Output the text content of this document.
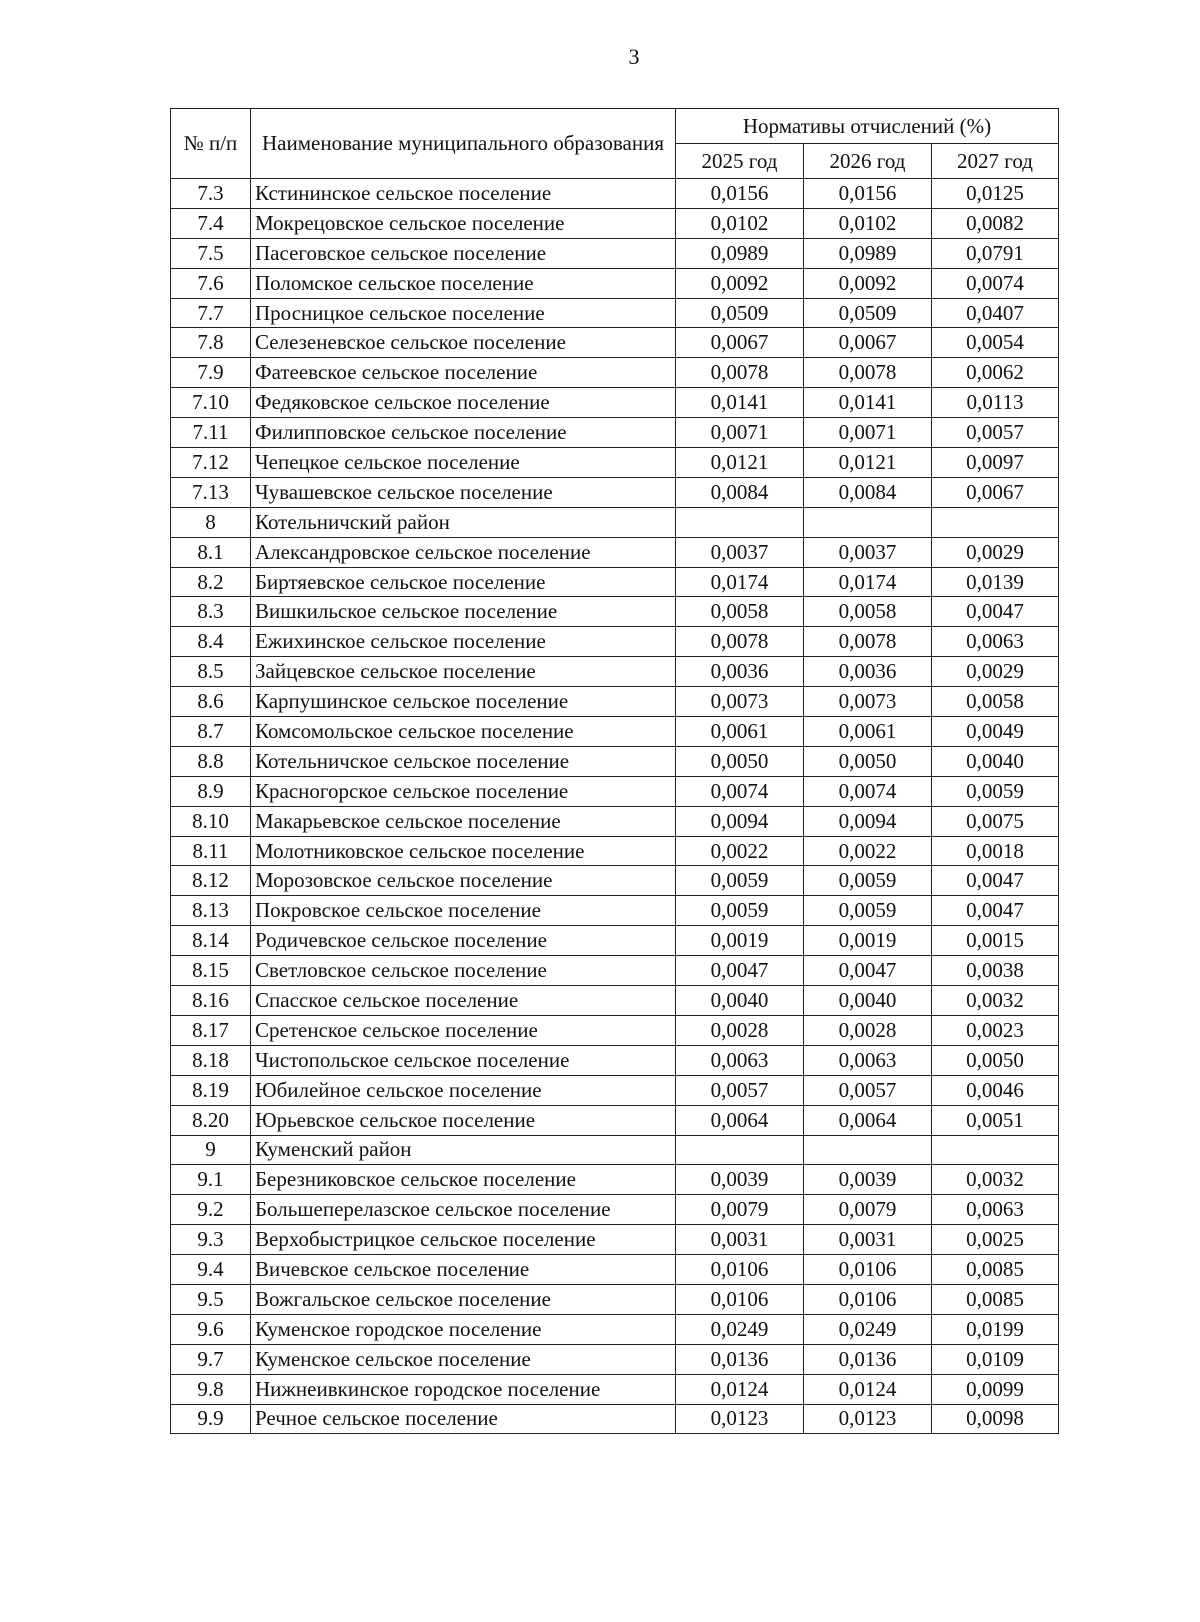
3
№ п/п	Наименование муниципального образования	Нормативы отчислений (%)		
		2025 год	2026 год	2027 год
7.3	Кстининское сельское поселение	0,0156	0,0156	0,0125
7.4	Мокрецовское сельское поселение	0,0102	0,0102	0,0082
7.5	Пасеговское сельское поселение	0,0989	0,0989	0,0791
7.6	Поломское сельское поселение	0,0092	0,0092	0,0074
7.7	Просницкое сельское поселение	0,0509	0,0509	0,0407
7.8	Селезеневское сельское поселение	0,0067	0,0067	0,0054
7.9	Фатеевское сельское поселение	0,0078	0,0078	0,0062
7.10	Федяковское сельское поселение	0,0141	0,0141	0,0113
7.11	Филипповское сельское поселение	0,0071	0,0071	0,0057
7.12	Чепецкое сельское поселение	0,0121	0,0121	0,0097
7.13	Чувашевское сельское поселение	0,0084	0,0084	0,0067
8	Котельничский район			
8.1	Александровское сельское поселение	0,0037	0,0037	0,0029
8.2	Биртяевское сельское поселение	0,0174	0,0174	0,0139
8.3	Вишкильское сельское поселение	0,0058	0,0058	0,0047
8.4	Ежихинское сельское поселение	0,0078	0,0078	0,0063
8.5	Зайцевское сельское поселение	0,0036	0,0036	0,0029
8.6	Карпушинское сельское поселение	0,0073	0,0073	0,0058
8.7	Комсомольское сельское поселение	0,0061	0,0061	0,0049
8.8	Котельничское сельское поселение	0,0050	0,0050	0,0040
8.9	Красногорское сельское поселение	0,0074	0,0074	0,0059
8.10	Макарьевское сельское поселение	0,0094	0,0094	0,0075
8.11	Молотниковское сельское поселение	0,0022	0,0022	0,0018
8.12	Морозовское сельское поселение	0,0059	0,0059	0,0047
8.13	Покровское сельское поселение	0,0059	0,0059	0,0047
8.14	Родичевское сельское поселение	0,0019	0,0019	0,0015
8.15	Светловское сельское поселение	0,0047	0,0047	0,0038
8.16	Спасское сельское поселение	0,0040	0,0040	0,0032
8.17	Сретенское сельское поселение	0,0028	0,0028	0,0023
8.18	Чистопольское сельское поселение	0,0063	0,0063	0,0050
8.19	Юбилейное сельское поселение	0,0057	0,0057	0,0046
8.20	Юрьевское сельское поселение	0,0064	0,0064	0,0051
9	Куменский район			
9.1	Березниковское сельское поселение	0,0039	0,0039	0,0032
9.2	Большеперелазское сельское поселение	0,0079	0,0079	0,0063
9.3	Верхобыстрицкое сельское поселение	0,0031	0,0031	0,0025
9.4	Вичевское сельское поселение	0,0106	0,0106	0,0085
9.5	Вожгальское сельское поселение	0,0106	0,0106	0,0085
9.6	Куменское городское поселение	0,0249	0,0249	0,0199
9.7	Куменское сельское поселение	0,0136	0,0136	0,0109
9.8	Нижнеивкинское городское поселение	0,0124	0,0124	0,0099
9.9	Речное сельское поселение	0,0123	0,0123	0,0098
